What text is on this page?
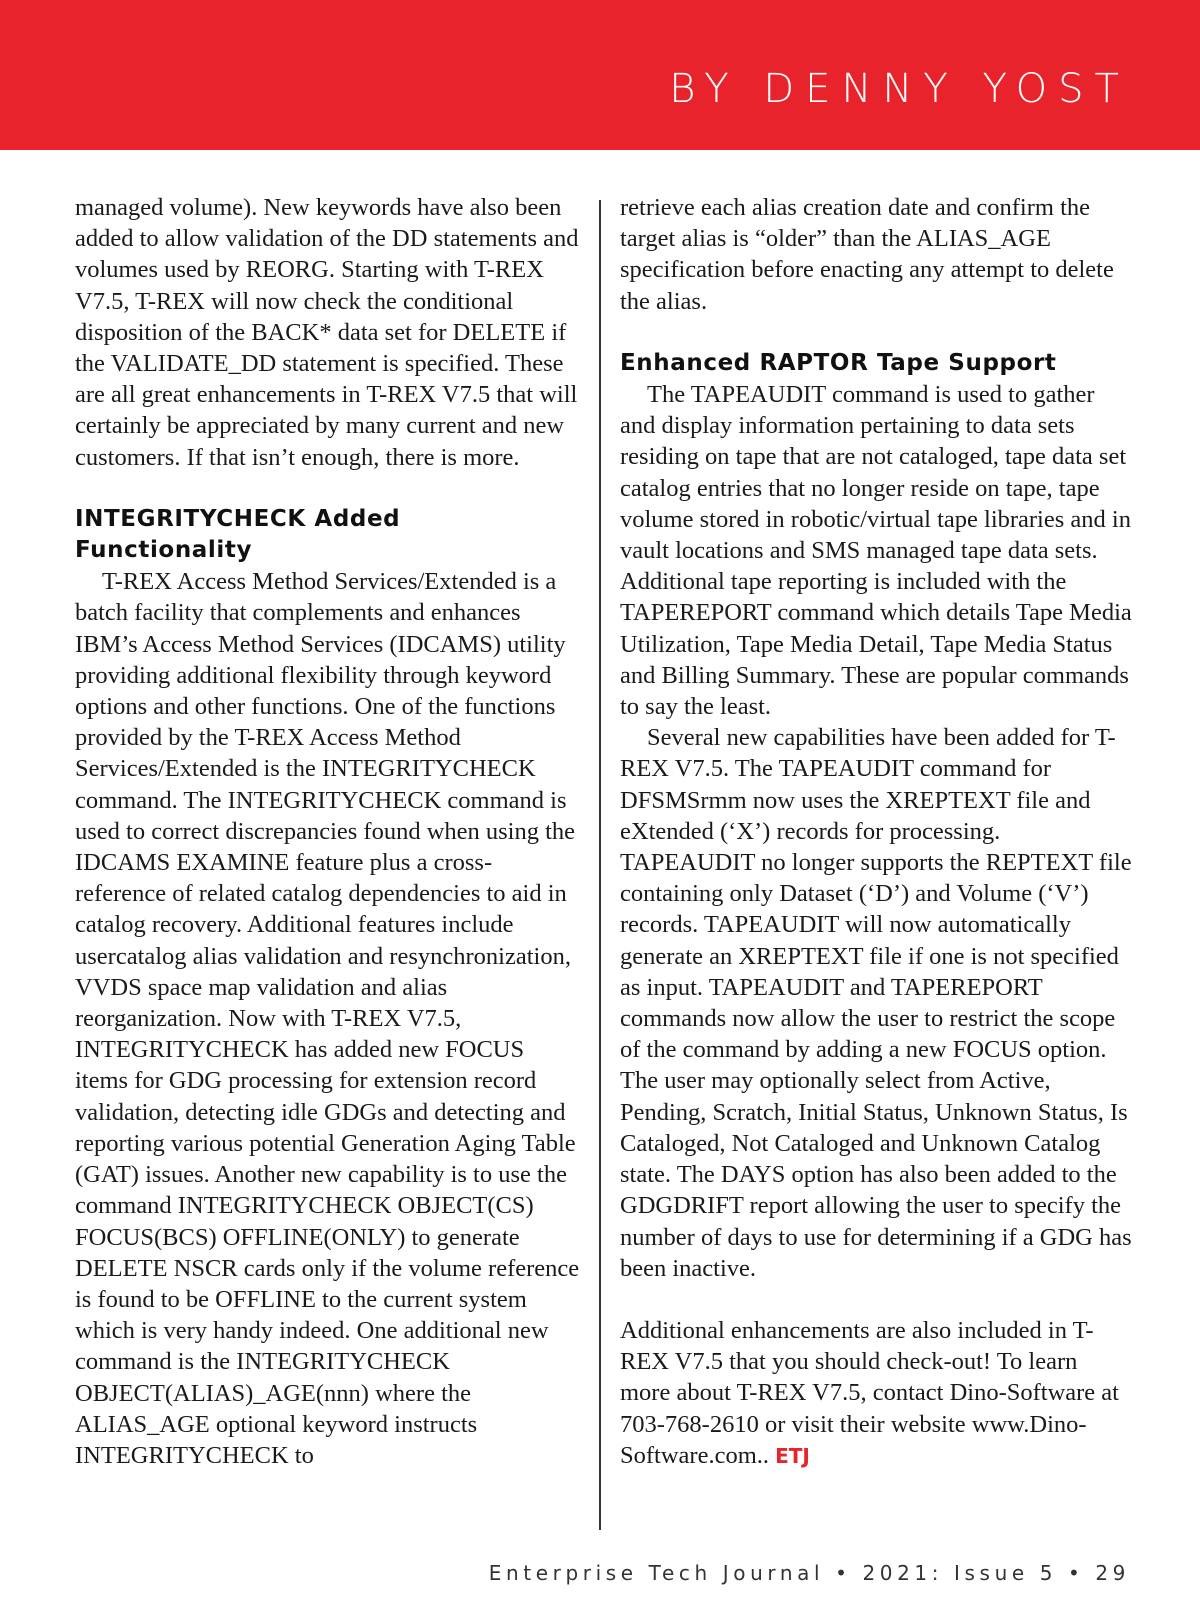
BY DENNY YOST

managed volume). New keywords have also been added to allow validation of the DD statements and volumes used by REORG. Starting with T-REX V7.5, T-REX will now check the conditional disposition of the BACK* data set for DELETE if the VALIDATE_DD statement is specified. These are all great enhancements in T-REX V7.5 that will certainly be appreciated by many current and new customers. If that isn’t enough, there is more.

INTEGRITYCHECK Added Functionality

T-REX Access Method Services/Extended is a batch facility that complements and enhances IBM’s Access Method Services (IDCAMS) utility providing additional flexibility through keyword options and other functions. One of the functions provided by the T-REX Access Method Services/Extended is the INTEGRITYCHECK command. The INTEGRITYCHECK command is used to correct discrepancies found when using the IDCAMS EXAMINE feature plus a cross-reference of related catalog dependencies to aid in catalog recovery. Additional features include usercatalog alias validation and resynchronization, VVDS space map validation and alias reorganization. Now with T-REX V7.5, INTEGRITYCHECK has added new FOCUS items for GDG processing for extension record validation, detecting idle GDGs and detecting and reporting various potential Generation Aging Table (GAT) issues. Another new capability is to use the command INTEGRITYCHECK OBJECT(CS) FOCUS(BCS) OFFLINE(ONLY) to generate DELETE NSCR cards only if the volume reference is found to be OFFLINE to the current system which is very handy indeed. One additional new command is the INTEGRITYCHECK OBJECT(ALIAS)_AGE(nnn) where the ALIAS_AGE optional keyword instructs INTEGRITYCHECK to

retrieve each alias creation date and confirm the target alias is “older” than the ALIAS_AGE specification before enacting any attempt to delete the alias.

Enhanced RAPTOR Tape Support

The TAPEAUDIT command is used to gather and display information pertaining to data sets residing on tape that are not cataloged, tape data set catalog entries that no longer reside on tape, tape volume stored in robotic/virtual tape libraries and in vault locations and SMS managed tape data sets. Additional tape reporting is included with the TAPEREPORT command which details Tape Media Utilization, Tape Media Detail, Tape Media Status and Billing Summary. These are popular commands to say the least.

Several new capabilities have been added for T-REX V7.5. The TAPEAUDIT command for DFSMSrmm now uses the XREPTEXT file and eXtended (‘X’) records for processing. TAPEAUDIT no longer supports the REPTEXT file containing only Dataset (‘D’) and Volume (‘V’) records. TAPEAUDIT will now automatically generate an XREPTEXT file if one is not specified as input. TAPEAUDIT and TAPEREPORT commands now allow the user to restrict the scope of the command by adding a new FOCUS option. The user may optionally select from Active, Pending, Scratch, Initial Status, Unknown Status, Is Cataloged, Not Cataloged and Unknown Catalog state. The DAYS option has also been added to the GDGDRIFT report allowing the user to specify the number of days to use for determining if a GDG has been inactive.

Additional enhancements are also included in T-REX V7.5 that you should check-out! To learn more about T-REX V7.5, contact Dino-Software at 703-768-2610 or visit their website www.Dino-Software.com.. ETJ

Enterprise Tech Journal • 2021: Issue 5 • 29
